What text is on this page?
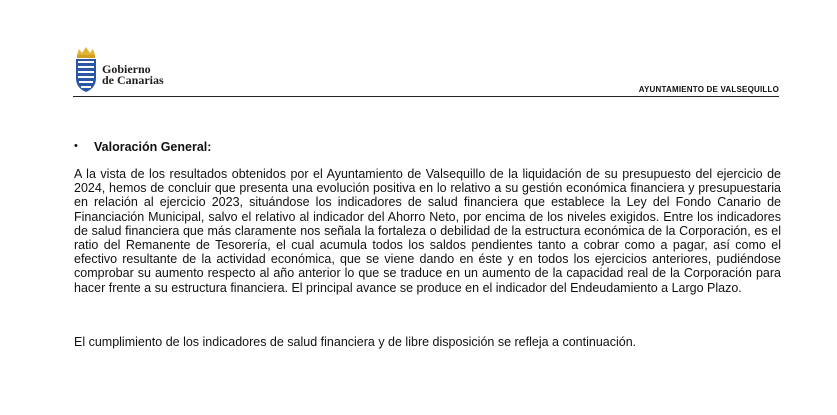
Gobierno
de Canarias
AYUNTAMIENTO DE VALSEQUILLO
• Valoración General:

A la vista de los resultados obtenidos por el Ayuntamiento de Valsequillo de la liquidación de su presupuesto del ejercicio de 2024, hemos de concluir que presenta una evolución positiva en lo relativo a su gestión económica financiera y presupuestaria en relación al ejercicio 2023, situándose los indicadores de salud financiera que establece la Ley del Fondo Canario de Financiación Municipal, salvo el relativo al indicador del Ahorro Neto, por encima de los niveles exigidos. Entre los indicadores de salud financiera que más claramente nos señala la fortaleza o debilidad de la estructura económica de la Corporación, es el ratio del Remanente de Tesorería, el cual acumula todos los saldos pendientes tanto a cobrar como a pagar, así como el efectivo resultante de la actividad económica, que se viene dando en éste y en todos los ejercicios anteriores, pudiéndose comprobar su aumento respecto al año anterior lo que se traduce en un aumento de la capacidad real de la Corporación para hacer frente a su estructura financiera. El principal avance se produce en el indicador del Endeudamiento a Largo Plazo.

El cumplimiento de los indicadores de salud financiera y de libre disposición se refleja a continuación.
